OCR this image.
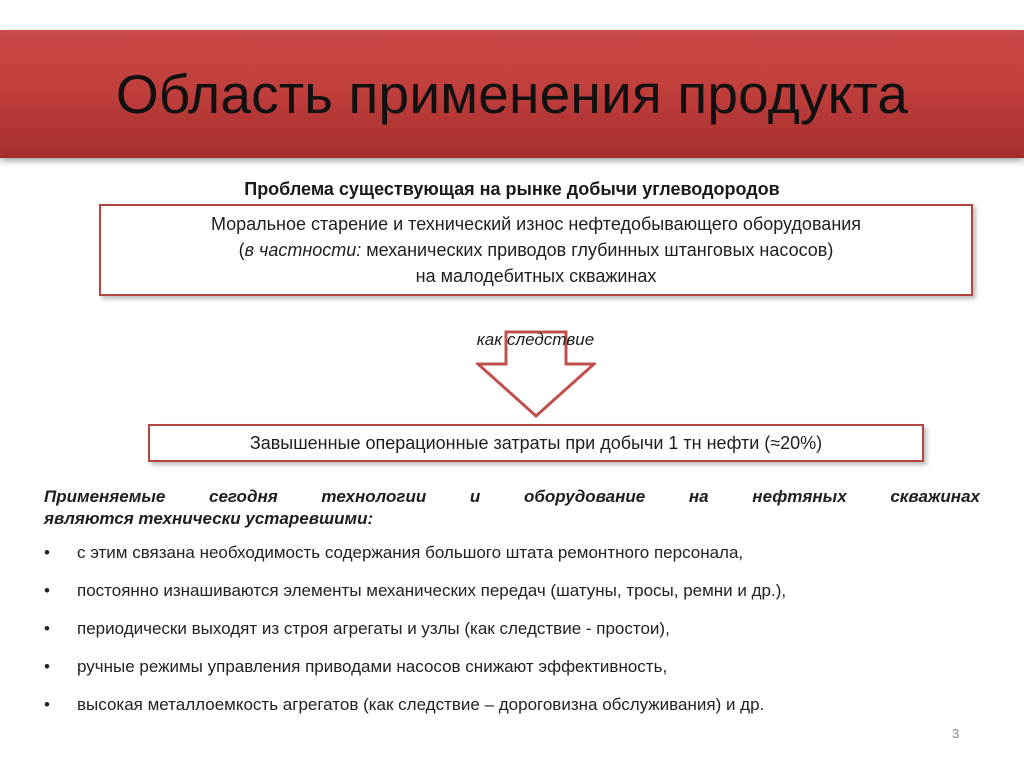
Область применения продукта
Проблема существующая на рынке добычи углеводородов
Моральное старение и технический износ нефтедобывающего оборудования
(в частности: механических приводов глубинных штанговых насосов)
на малодебитных скважинах
как следствие
Завышенные операционные затраты при добычи 1 тн нефти (≈20%)
Применяемые сегодня технологии и оборудование на нефтяных скважинах
являются технически устаревшими:
• с этим связана необходимость содержания большого штата ремонтного персонала,
• постоянно изнашиваются элементы механических передач (шатуны, тросы, ремни и др.),
• периодически выходят из строя агрегаты и узлы (как следствие - простои),
• ручные режимы управления приводами насосов снижают эффективность,
• высокая металлоемкость агрегатов (как следствие – дороговизна обслуживания) и др.
3
